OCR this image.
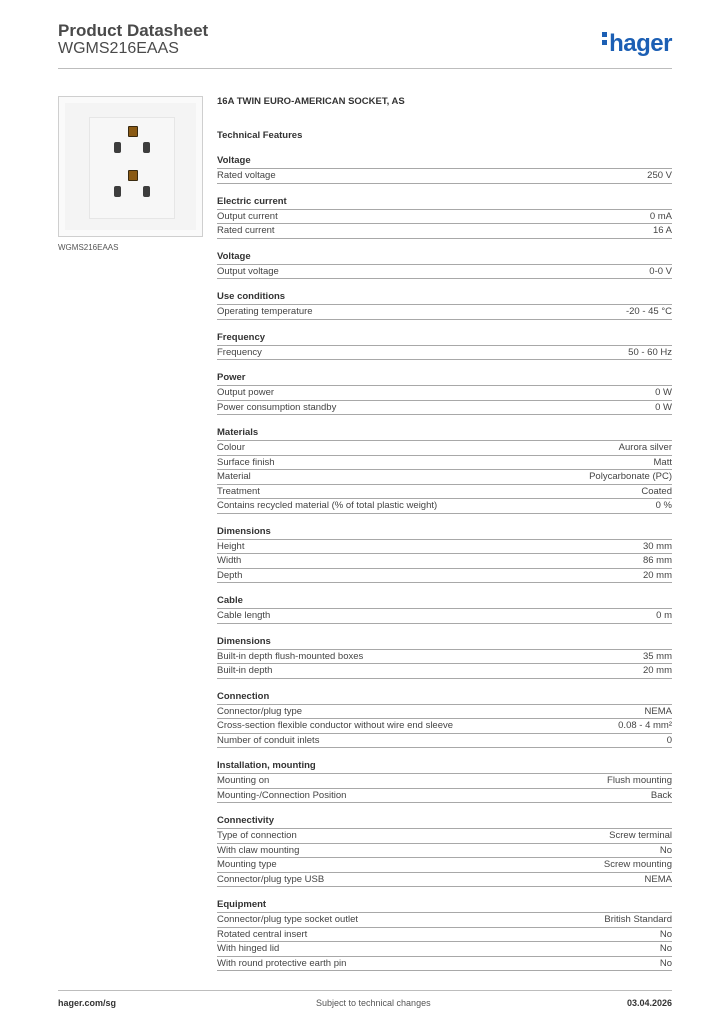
Product Datasheet
WGMS216EAAS	hager
WGMS216EAAS
16A TWIN EURO-AMERICAN SOCKET, AS
Technical Features
Voltage
Rated voltage	250 V
Electric current
Output current	0 mA
Rated current	16 A
Voltage
Output voltage	0-0 V
Use conditions
Operating temperature	-20 - 45 °C
Frequency
Frequency	50 - 60 Hz
Power
Output power	0 W
Power consumption standby	0 W
Materials
Colour	Aurora silver
Surface finish	Matt
Material	Polycarbonate (PC)
Treatment	Coated
Contains recycled material (% of total plastic weight)	0 %
Dimensions
Height	30 mm
Width	86 mm
Depth	20 mm
Cable
Cable length	0 m
Dimensions
Built-in depth flush-mounted boxes	35 mm
Built-in depth	20 mm
Connection
Connector/plug type	NEMA
Cross-section flexible conductor without wire end sleeve	0.08 - 4 mm²
Number of conduit inlets	0
Installation, mounting
Mounting on	Flush mounting
Mounting-/Connection Position	Back
Connectivity
Type of connection	Screw terminal
With claw mounting	No
Mounting type	Screw mounting
Connector/plug type USB	NEMA
Equipment
Connector/plug type socket outlet	British Standard
Rotated central insert	No
With hinged lid	No
With round protective earth pin	No
hager.com/sg	Subject to technical changes	03.04.2026
